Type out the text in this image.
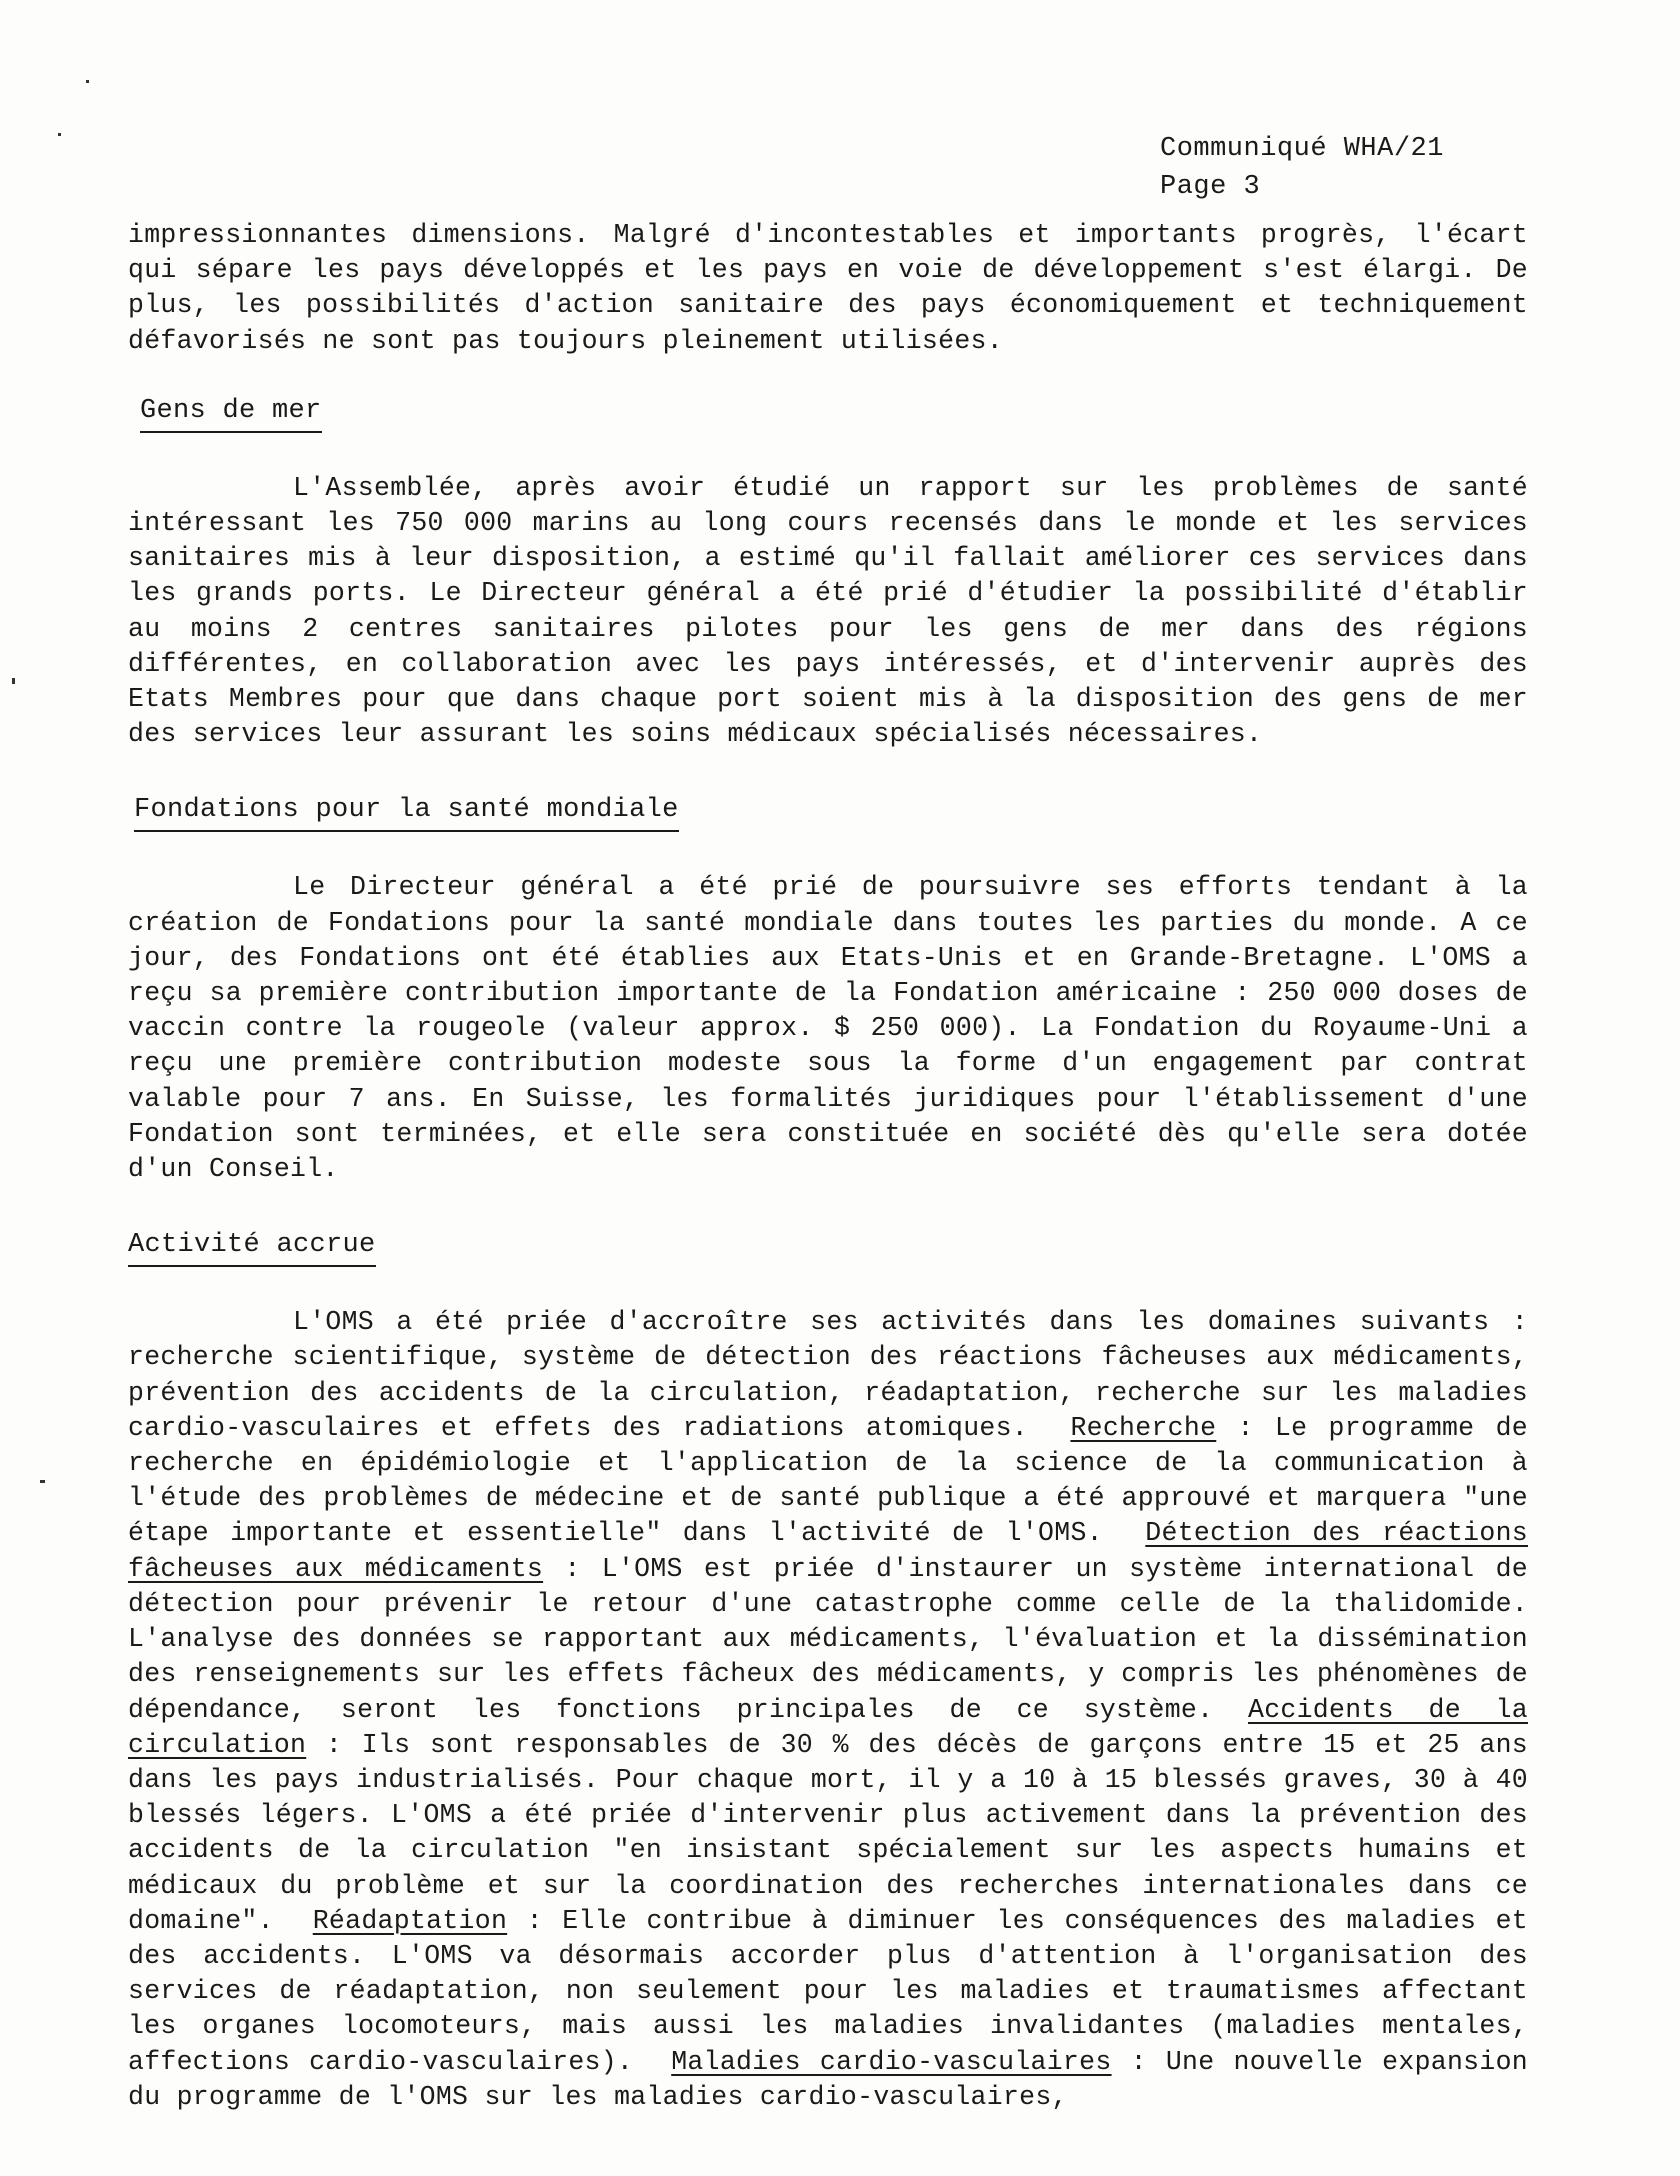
Communiqué WHA/21
Page 3

impressionnantes dimensions. Malgré d'incontestables et importants progrès, l'écart qui sépare les pays développés et les pays en voie de développement s'est élargi. De plus, les possibilités d'action sanitaire des pays économiquement et techniquement défavorisés ne sont pas toujours pleinement utilisées.

Gens de mer

L'Assemblée, après avoir étudié un rapport sur les problèmes de santé intéressant les 750 000 marins au long cours recensés dans le monde et les services sanitaires mis à leur disposition, a estimé qu'il fallait améliorer ces services dans les grands ports. Le Directeur général a été prié d'étudier la possibilité d'établir au moins 2 centres sanitaires pilotes pour les gens de mer dans des régions différentes, en collaboration avec les pays intéressés, et d'intervenir auprès des Etats Membres pour que dans chaque port soient mis à la disposition des gens de mer des services leur assurant les soins médicaux spécialisés nécessaires.

Fondations pour la santé mondiale

Le Directeur général a été prié de poursuivre ses efforts tendant à la création de Fondations pour la santé mondiale dans toutes les parties du monde. A ce jour, des Fondations ont été établies aux Etats-Unis et en Grande-Bretagne. L'OMS a reçu sa première contribution importante de la Fondation américaine : 250 000 doses de vaccin contre la rougeole (valeur approx. $ 250 000). La Fondation du Royaume-Uni a reçu une première contribution modeste sous la forme d'un engagement par contrat valable pour 7 ans. En Suisse, les formalités juridiques pour l'établissement d'une Fondation sont terminées, et elle sera constituée en société dès qu'elle sera dotée d'un Conseil.

Activité accrue

L'OMS a été priée d'accroître ses activités dans les domaines suivants : recherche scientifique, système de détection des réactions fâcheuses aux médicaments, prévention des accidents de la circulation, réadaptation, recherche sur les maladies cardio-vasculaires et effets des radiations atomiques. Recherche : Le programme de recherche en épidémiologie et l'application de la science de la communication à l'étude des problèmes de médecine et de santé publique a été approuvé et marquera "une étape importante et essentielle" dans l'activité de l'OMS. Détection des réactions fâcheuses aux médicaments : L'OMS est priée d'instaurer un système international de détection pour prévenir le retour d'une catastrophe comme celle de la thalidomide. L'analyse des données se rapportant aux médicaments, l'évaluation et la dissémination des renseignements sur les effets fâcheux des médicaments, y compris les phénomènes de dépendance, seront les fonctions principales de ce système. Accidents de la circulation : Ils sont responsables de 30 % des décès de garçons entre 15 et 25 ans dans les pays industrialisés. Pour chaque mort, il y a 10 à 15 blessés graves, 30 à 40 blessés légers. L'OMS a été priée d'intervenir plus activement dans la prévention des accidents de la circulation "en insistant spécialement sur les aspects humains et médicaux du problème et sur la coordination des recherches internationales dans ce domaine". Réadaptation : Elle contribue à diminuer les conséquences des maladies et des accidents. L'OMS va désormais accorder plus d'attention à l'organisation des services de réadaptation, non seulement pour les maladies et traumatismes affectant les organes locomoteurs, mais aussi les maladies invalidantes (maladies mentales, affections cardio-vasculaires). Maladies cardio-vasculaires : Une nouvelle expansion du programme de l'OMS sur les maladies cardio-vasculaires,
